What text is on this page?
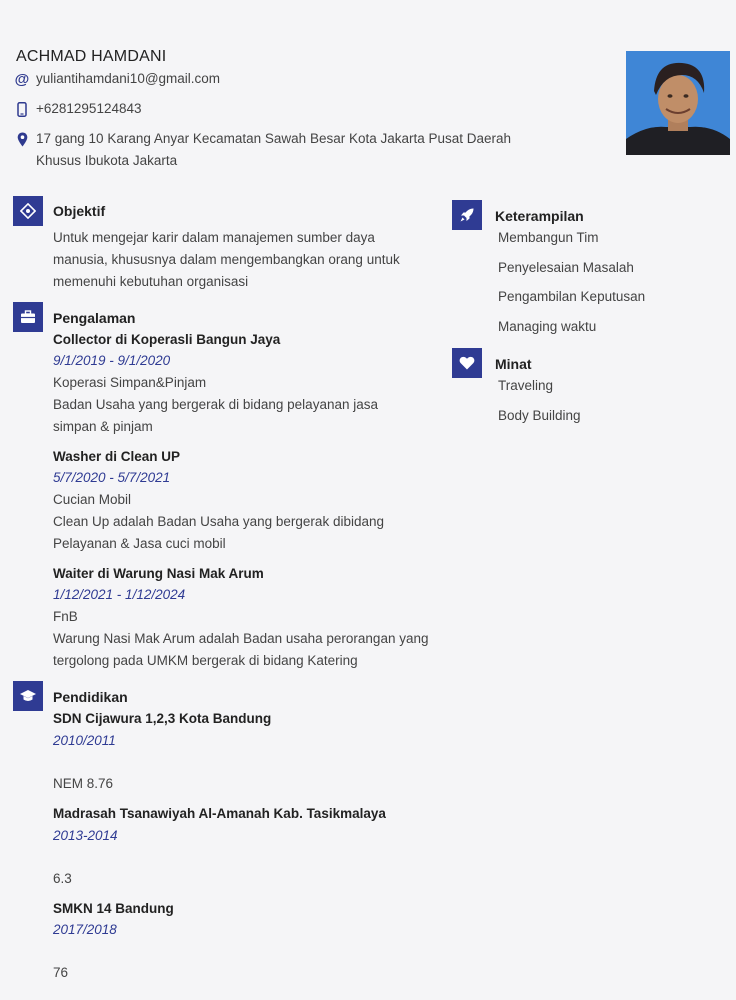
ACHMAD HAMDANI
@ yuliantihamdani10@gmail.com
+6281295124843
17 gang 10 Karang Anyar Kecamatan Sawah Besar Kota Jakarta Pusat Daerah Khusus Ibukota Jakarta
Objektif
Untuk mengejar karir dalam manajemen sumber daya manusia, khususnya dalam mengembangkan orang untuk memenuhi kebutuhan organisasi
Pengalaman
Collector di Koperasli Bangun Jaya
9/1/2019 - 9/1/2020
Koperasi Simpan&Pinjam
Badan Usaha yang bergerak di bidang pelayanan jasa simpan & pinjam
Washer di Clean UP
5/7/2020 - 5/7/2021
Cucian Mobil
Clean Up adalah Badan Usaha yang bergerak dibidang Pelayanan & Jasa cuci mobil
Waiter di Warung Nasi Mak Arum
1/12/2021 - 1/12/2024
FnB
Warung Nasi Mak Arum adalah Badan usaha perorangan yang tergolong pada UMKM bergerak di bidang Katering
Pendidikan
SDN Cijawura 1,2,3 Kota Bandung
2010/2011
NEM 8.76
Madrasah Tsanawiyah Al-Amanah Kab. Tasikmalaya
2013-2014
6.3
SMKN 14 Bandung
2017/2018
76
Keterampilan
Membangun Tim
Penyelesaian Masalah
Pengambilan Keputusan
Managing waktu
Minat
Traveling
Body Building
